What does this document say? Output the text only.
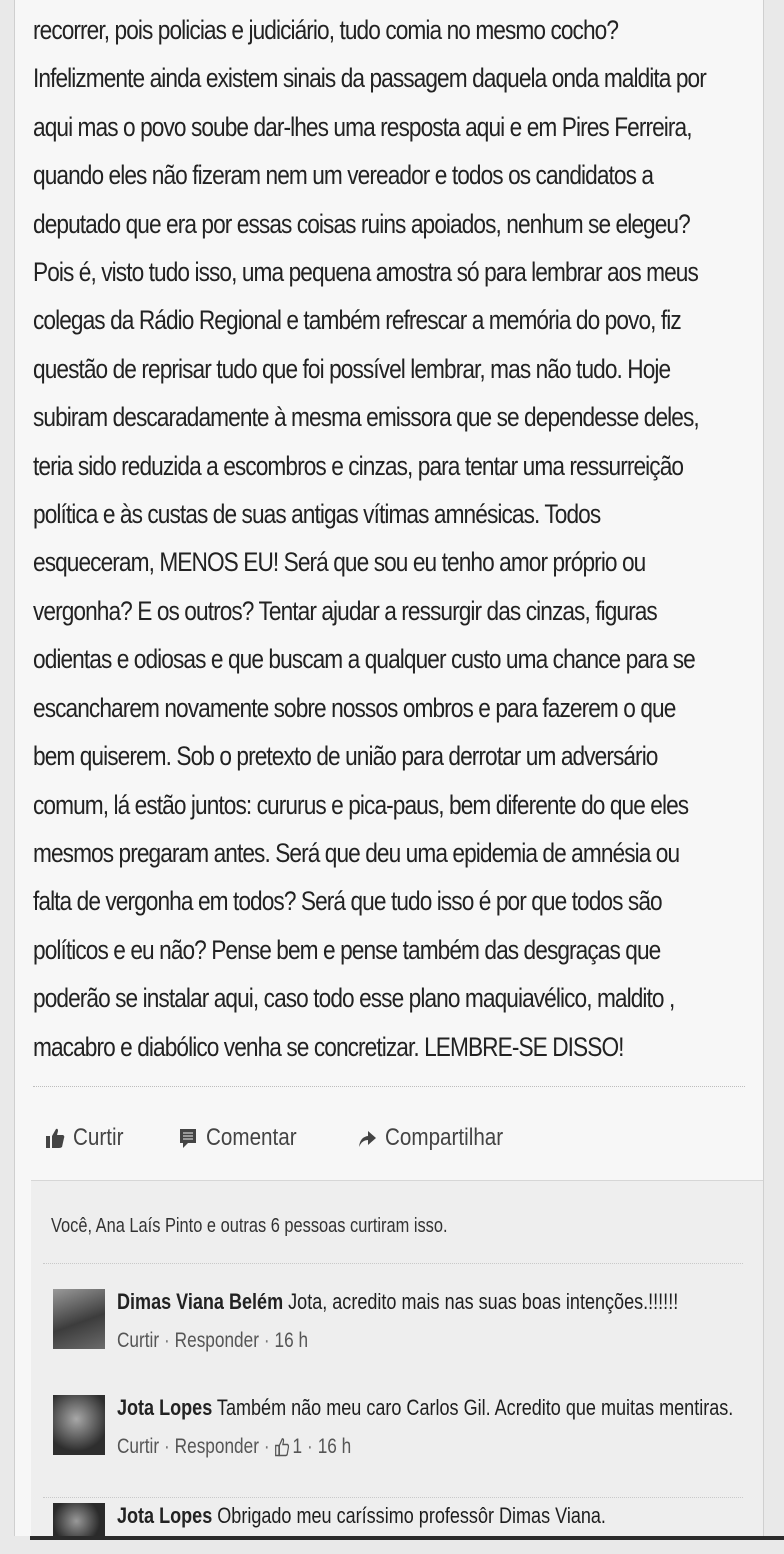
recorrer, pois policias e judiciário, tudo comia no mesmo cocho?

Infelizmente ainda existem sinais da passagem daquela onda maldita por

aqui mas o povo soube dar-lhes uma resposta aqui e em Pires Ferreira,

quando eles não fizeram nem um vereador e todos os candidatos a

deputado que era por essas coisas ruins apoiados, nenhum se elegeu?

Pois é, visto tudo isso, uma pequena amostra só para lembrar aos meus

colegas da Rádio Regional e também refrescar a memória do povo, fiz

questão de reprisar tudo que foi possível lembrar, mas não tudo. Hoje

subiram descaradamente à mesma emissora que se dependesse deles,

teria sido reduzida a escombros e cinzas, para tentar uma ressurreição

política e às custas de suas antigas vítimas amnésicas. Todos

esqueceram, MENOS EU! Será que sou eu tenho amor próprio ou

vergonha? E os outros? Tentar ajudar a ressurgir das cinzas, figuras

odientas e odiosas e que buscam a qualquer custo uma chance para se

escancharem novamente sobre nossos ombros e para fazerem o que

bem quiserem. Sob o pretexto de união para derrotar um adversário

comum, lá estão juntos: cururus e pica-paus, bem diferente do que eles

mesmos pregaram antes. Será que deu uma epidemia de amnésia ou

falta de vergonha em todos? Será que tudo isso é por que todos são

políticos e eu não? Pense bem e pense também das desgraças que

poderão se instalar aqui, caso todo esse plano maquiavélico, maldito ,

macabro e diabólico venha se concretizar. LEMBRE-SE DISSO!

Curtir	Comentar	Compartilhar
Você, Ana Laís Pinto e outras 6 pessoas curtiram isso.
Dimas Viana Belém Jota, acredito mais nas suas boas intenções.!!!!!!
Curtir · Responder · 16 h
Jota Lopes Também não meu caro Carlos Gil. Acredito que muitas mentiras.
Curtir · Responder · 1 · 16 h
Jota Lopes Obrigado meu caríssimo professôr Dimas Viana.
